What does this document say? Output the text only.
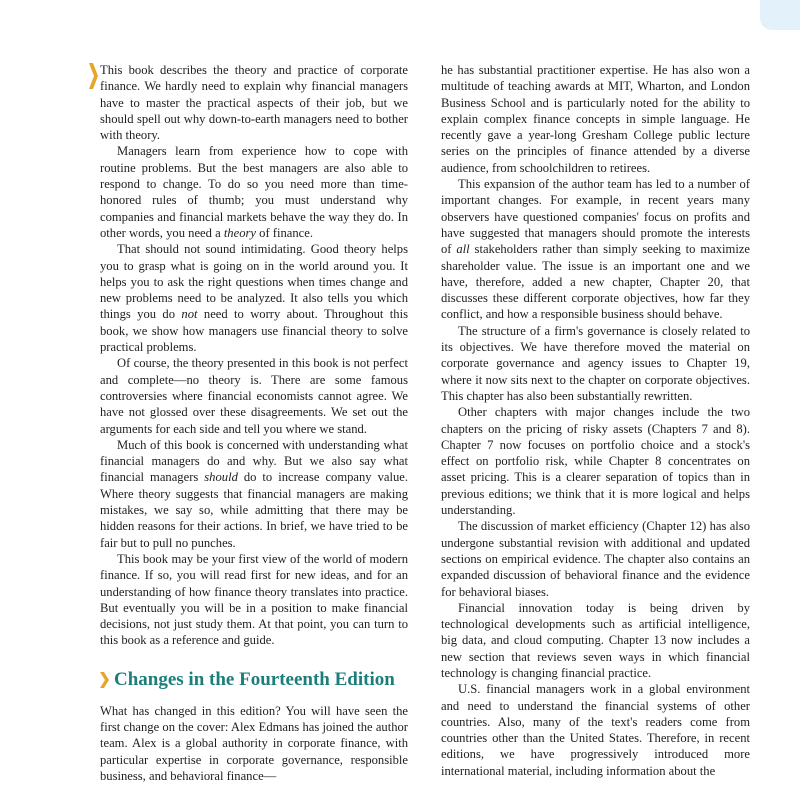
This book describes the theory and practice of corporate finance. We hardly need to explain why financial managers have to master the practical aspects of their job, but we should spell out why down-to-earth managers need to bother with theory.

Managers learn from experience how to cope with routine problems. But the best managers are also able to respond to change. To do so you need more than time-honored rules of thumb; you must understand why companies and financial markets behave the way they do. In other words, you need a theory of finance.

That should not sound intimidating. Good theory helps you to grasp what is going on in the world around you. It helps you to ask the right questions when times change and new problems need to be analyzed. It also tells you which things you do not need to worry about. Throughout this book, we show how managers use financial theory to solve practical problems.

Of course, the theory presented in this book is not perfect and complete—no theory is. There are some famous controversies where financial economists cannot agree. We have not glossed over these disagreements. We set out the arguments for each side and tell you where we stand.

Much of this book is concerned with understanding what financial managers do and why. But we also say what financial managers should do to increase company value. Where theory suggests that financial managers are making mistakes, we say so, while admitting that there may be hidden reasons for their actions. In brief, we have tried to be fair but to pull no punches.

This book may be your first view of the world of modern finance. If so, you will read first for new ideas, and for an understanding of how finance theory translates into practice. But eventually you will be in a position to make financial decisions, not just study them. At that point, you can turn to this book as a reference and guide.

Changes in the Fourteenth Edition

What has changed in this edition? You will have seen the first change on the cover: Alex Edmans has joined the author team. Alex is a global authority in corporate finance, with particular expertise in corporate governance, responsible business, and behavioral finance—

he has substantial practitioner expertise. He has also won a multitude of teaching awards at MIT, Wharton, and London Business School and is particularly noted for the ability to explain complex finance concepts in simple language. He recently gave a year-long Gresham College public lecture series on the principles of finance attended by a diverse audience, from schoolchildren to retirees.

This expansion of the author team has led to a number of important changes. For example, in recent years many observers have questioned companies' focus on profits and have suggested that managers should promote the interests of all stakeholders rather than simply seeking to maximize shareholder value. The issue is an important one and we have, therefore, added a new chapter, Chapter 20, that discusses these different corporate objectives, how far they conflict, and how a responsible business should behave.

The structure of a firm's governance is closely related to its objectives. We have therefore moved the material on corporate governance and agency issues to Chapter 19, where it now sits next to the chapter on corporate objectives. This chapter has also been substantially rewritten.

Other chapters with major changes include the two chapters on the pricing of risky assets (Chapters 7 and 8). Chapter 7 now focuses on portfolio choice and a stock's effect on portfolio risk, while Chapter 8 concentrates on asset pricing. This is a clearer separation of topics than in previous editions; we think that it is more logical and helps understanding.

The discussion of market efficiency (Chapter 12) has also undergone substantial revision with additional and updated sections on empirical evidence. The chapter also contains an expanded discussion of behavioral finance and the evidence for behavioral biases.

Financial innovation today is being driven by technological developments such as artificial intelligence, big data, and cloud computing. Chapter 13 now includes a new section that reviews seven ways in which financial technology is changing financial practice.

U.S. financial managers work in a global environment and need to understand the financial systems of other countries. Also, many of the text's readers come from countries other than the United States. Therefore, in recent editions, we have progressively introduced more international material, including information about the
